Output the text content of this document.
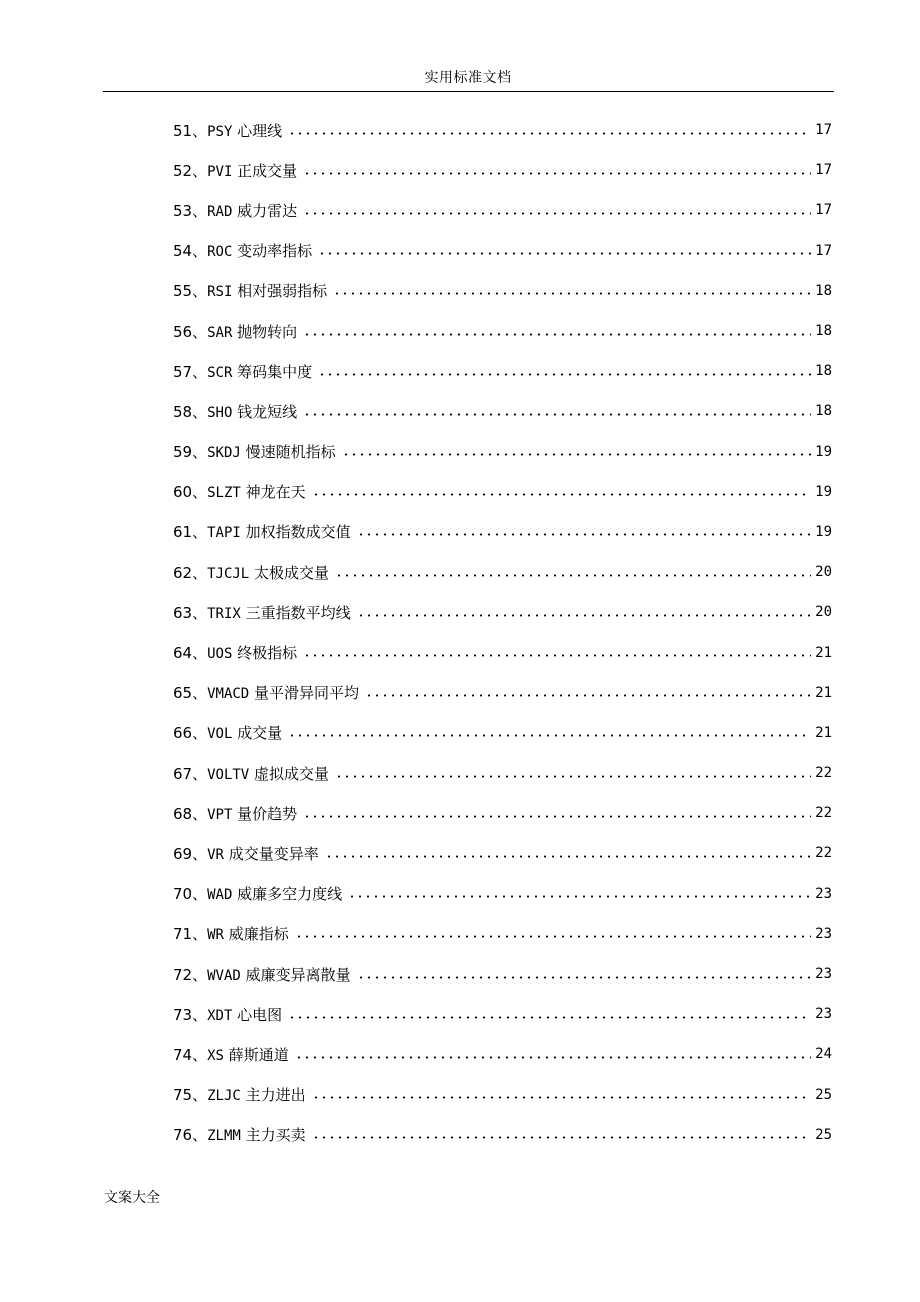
实用标准文档
51、PSY 心理线	17
52、PVI 正成交量	17
53、RAD 威力雷达	17
54、ROC 变动率指标	17
55、RSI 相对强弱指标	18
56、SAR 抛物转向	18
57、SCR 筹码集中度	18
58、SHO 钱龙短线	18
59、SKDJ 慢速随机指标	19
60、SLZT 神龙在天	19
61、TAPI 加权指数成交值	19
62、TJCJL 太极成交量	20
63、TRIX 三重指数平均线	20
64、UOS 终极指标	21
65、VMACD 量平滑异同平均	21
66、VOL 成交量	21
67、VOLTV 虚拟成交量	22
68、VPT 量价趋势	22
69、VR 成交量变异率	22
70、WAD 威廉多空力度线	23
71、WR 威廉指标	23
72、WVAD 威廉变异离散量	23
73、XDT 心电图	23
74、XS 薛斯通道	24
75、ZLJC 主力进出	25
76、ZLMM 主力买卖	25
文案大全
